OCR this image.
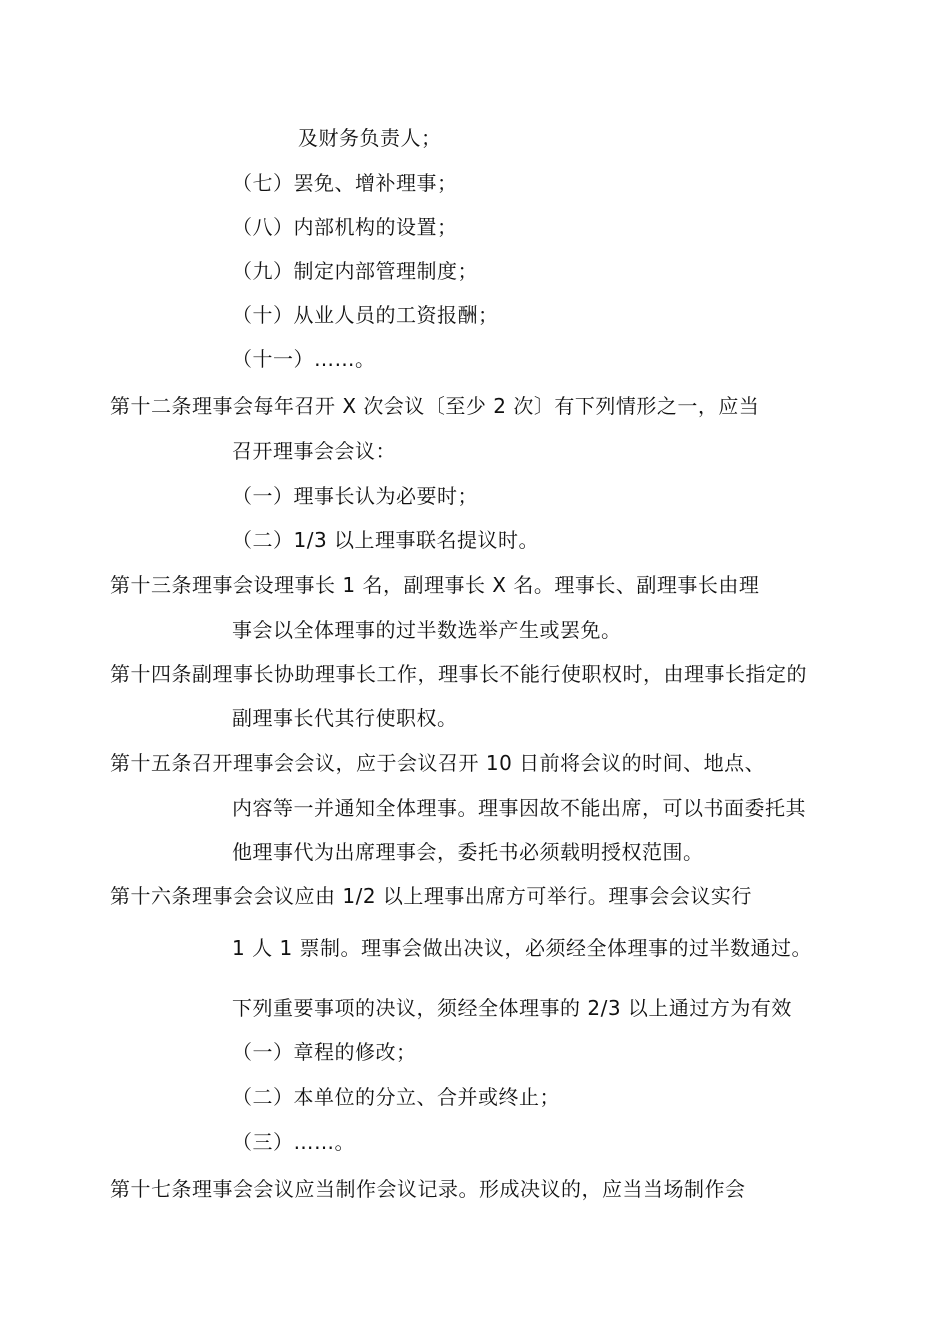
及财务负责人；
（七）罢免、增补理事；
（八）内部机构的设置；
（九）制定内部管理制度；
（十）从业人员的工资报酬；
（十一）……。
第十二条理事会每年召开 X 次会议〔至少 2 次〕有下列情形之一，应当
召开理事会会议：
（一）理事长认为必要时；
（二）1/3 以上理事联名提议时。
第十三条理事会设理事长 1 名，副理事长 X 名。理事长、副理事长由理
事会以全体理事的过半数选举产生或罢免。
第十四条副理事长协助理事长工作，理事长不能行使职权时，由理事长指定的
副理事长代其行使职权。
第十五条召开理事会会议，应于会议召开 10 日前将会议的时间、地点、
内容等一并通知全体理事。理事因故不能出席，可以书面委托其
他理事代为出席理事会，委托书必须载明授权范围。
第十六条理事会会议应由 1/2 以上理事出席方可举行。理事会会议实行
1 人 1 票制。理事会做出决议，必须经全体理事的过半数通过。
下列重要事项的决议，须经全体理事的 2/3 以上通过方为有效
（一）章程的修改；
（二）本单位的分立、合并或终止；
（三）……。
第十七条理事会会议应当制作会议记录。形成决议的，应当当场制作会
